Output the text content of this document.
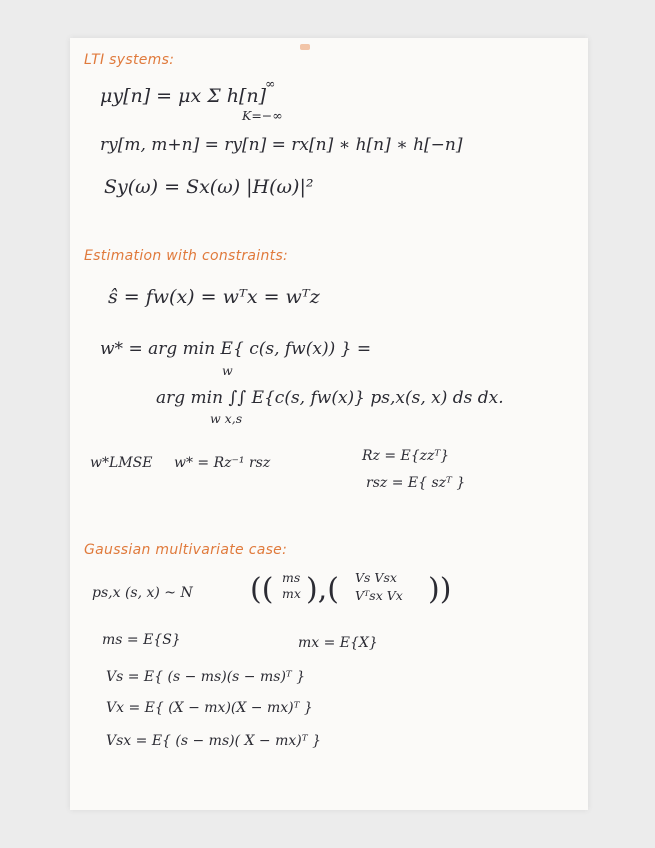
LTI systems:
μy[n] = μx Σ h[n]
∞
K=−∞
ry[m, m+n] = ry[n] = rx[n] ∗ h[n] ∗ h[−n]
Sy(ω) = Sx(ω) |H(ω)|²
Estimation with constraints:
ŝ = fw(x) = wᵀx = wᵀz
w* = arg min E{ c(s, fw(x)) } =
w
arg min ∫∫ E{c(s, fw(x)} ps,x(s, x) ds dx.
w x,s
w*LMSE w* = Rz⁻¹ rsz	Rz = E{zzᵀ}
rsz = E{ szᵀ }
Gaussian multivariate case:
ps,x (s, x) ~ N (( ms
mx ),( Vs Vsx
Vᵀsx Vx ))
ms = E{S}	mx = E{X}
Vs = E{ (s − ms)(s − ms)ᵀ }
Vx = E{ (X − mx)(X − mx)ᵀ }
Vsx = E{ (s − ms)( X − mx)ᵀ }
